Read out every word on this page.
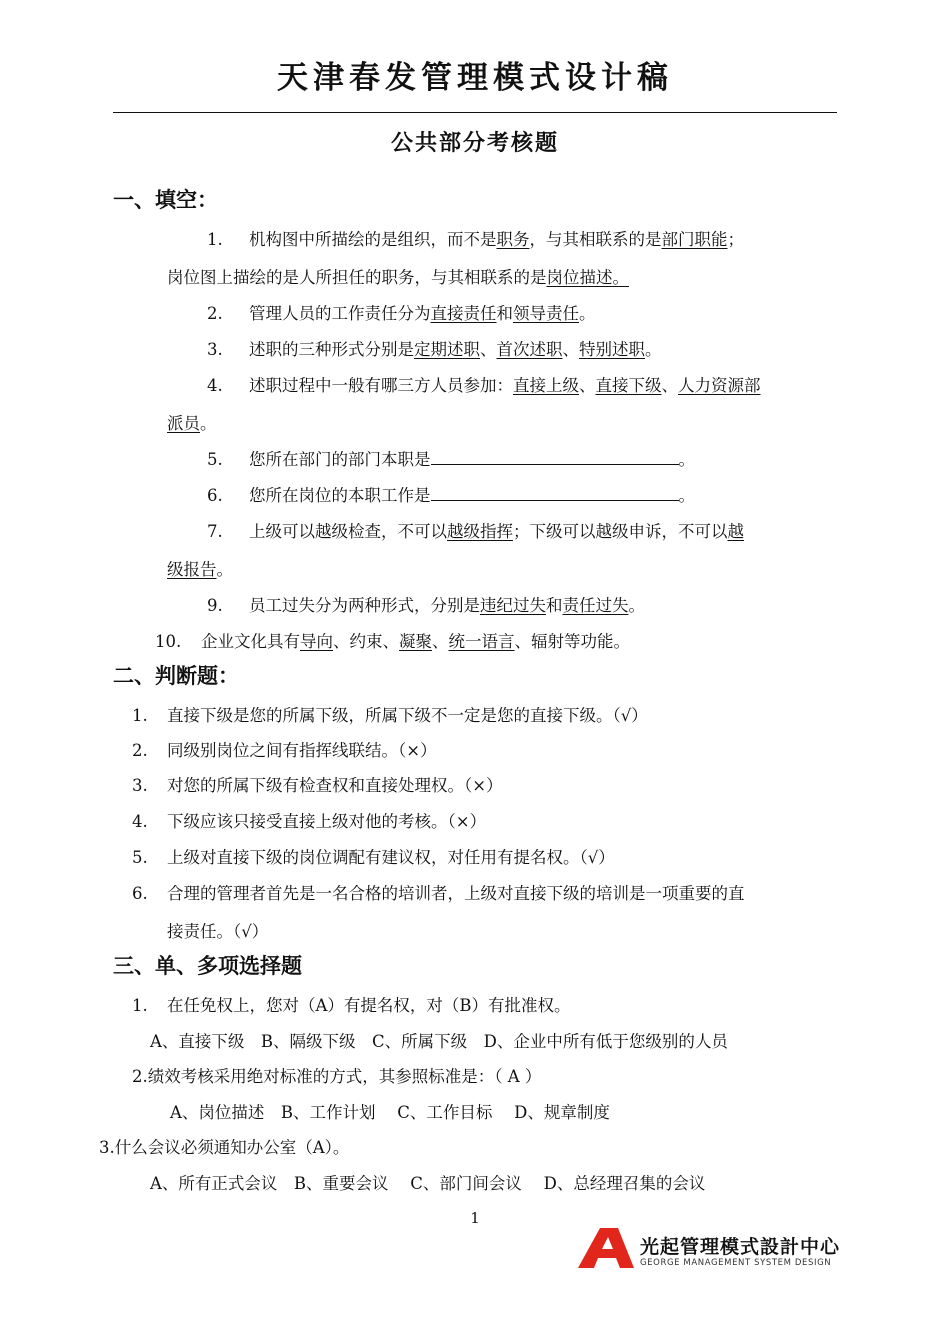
天津春发管理模式设计稿
公共部分考核题
一、填空：
1. 机构图中所描绘的是组织，而不是职务，与其相联系的是部门职能；
岗位图上描绘的是人所担任的职务，与其相联系的是岗位描述。
2. 管理人员的工作责任分为直接责任和领导责任。
3. 述职的三种形式分别是定期述职、首次述职、特别述职。
4. 述职过程中一般有哪三方人员参加：直接上级、直接下级、人力资源部
派员。
5. 您所在部门的部门本职是	。
6. 您所在岗位的本职工作是	。
7. 上级可以越级检查，不可以越级指挥；下级可以越级申诉，不可以越
级报告。
9. 员工过失分为两种形式，分别是违纪过失和责任过失。
10. 企业文化具有导向、约束、凝聚、统一语言、辐射等功能。
二、判断题：
1. 直接下级是您的所属下级，所属下级不一定是您的直接下级。（√）
2. 同级别岗位之间有指挥线联结。（×）
3. 对您的所属下级有检查权和直接处理权。（×）
4. 下级应该只接受直接上级对他的考核。（×）
5. 上级对直接下级的岗位调配有建议权，对任用有提名权。（√）
6. 合理的管理者首先是一名合格的培训者，上级对直接下级的培训是一项重要的直
接责任。（√）
三、单、多项选择题
1. 在任免权上，您对（A）有提名权，对（B）有批准权。
A、直接下级　B、隔级下级　C、所属下级　D、企业中所有低于您级别的人员
2.绩效考核采用绝对标准的方式，其参照标准是：（ A ）
A、岗位描述　B、工作计划　 C、工作目标　 D、规章制度
3.什么会议必须通知办公室（A）。
A、所有正式会议　B、重要会议　 C、部门间会议　 D、总经理召集的会议
1
光起管理模式設計中心
GEORGE MANAGEMENT SYSTEM DESIGN
